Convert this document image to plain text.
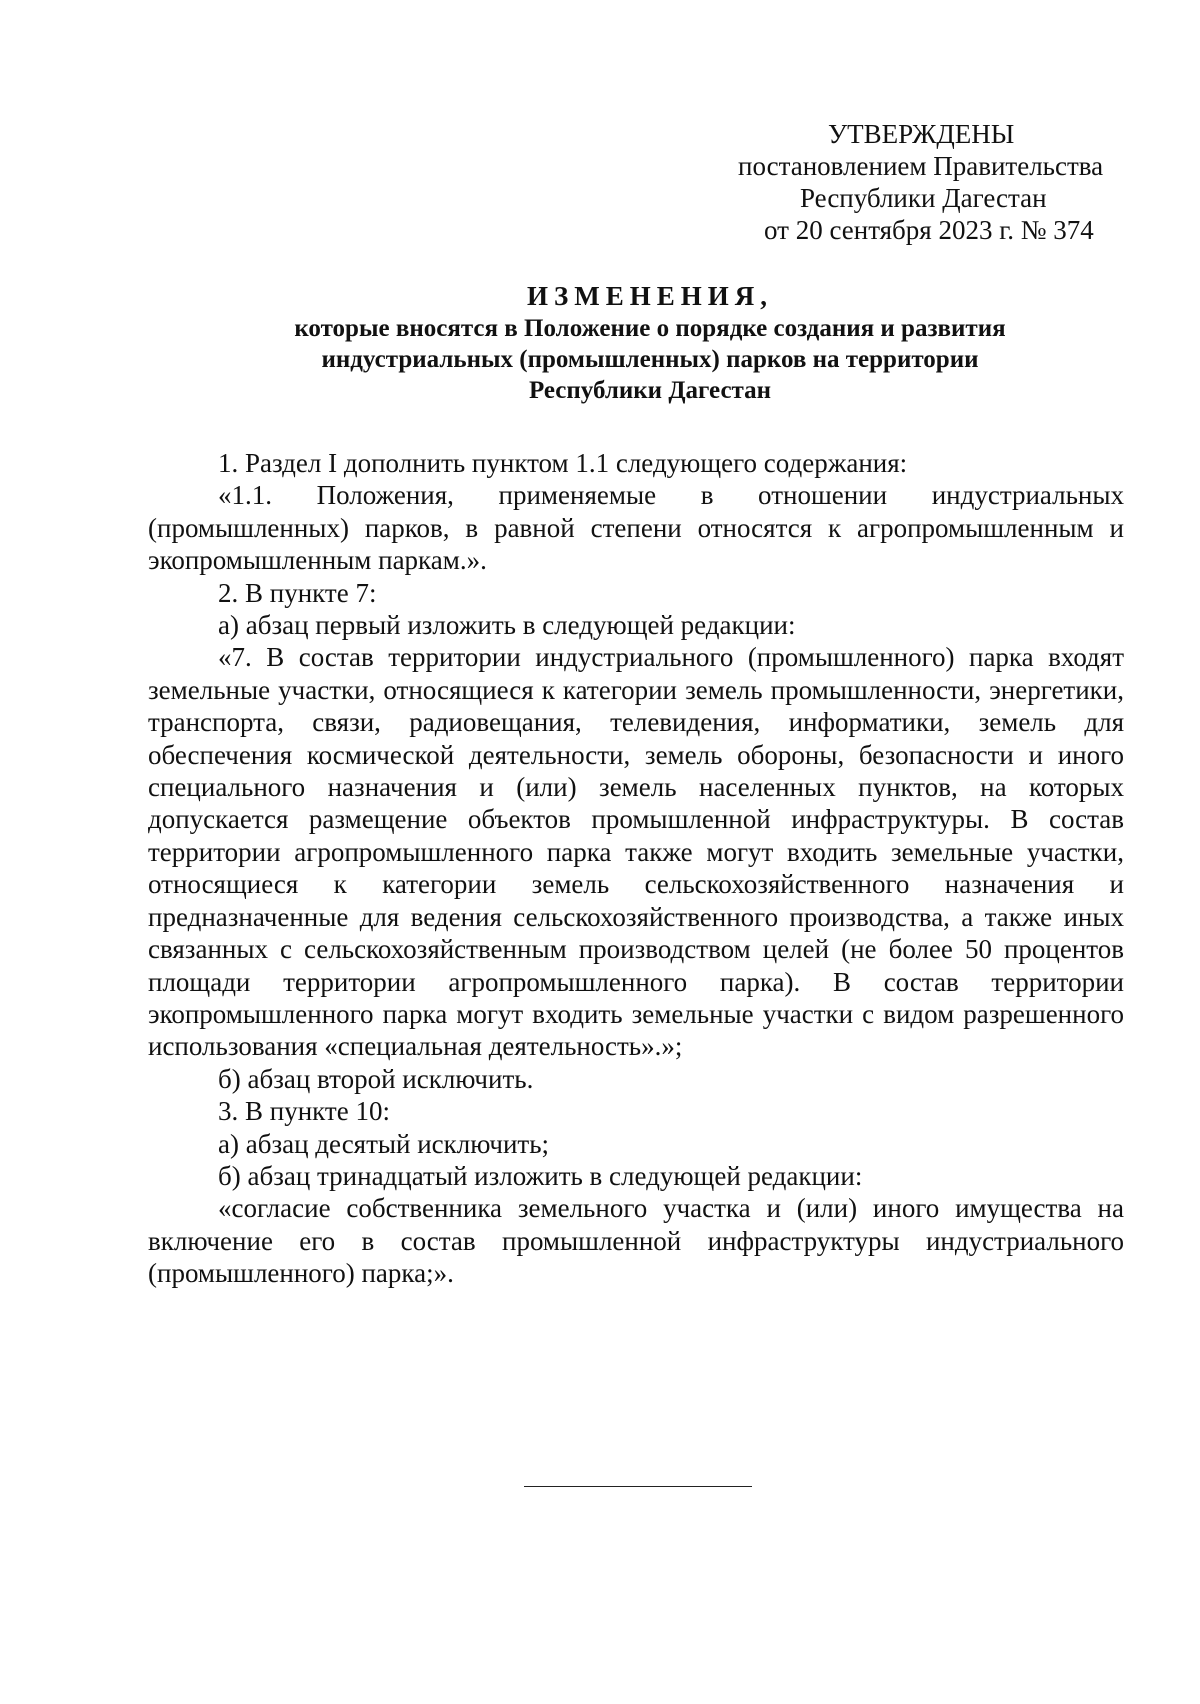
УТВЕРЖДЕНЫ
постановлением Правительства
Республики Дагестан
от 20 сентября 2023 г. № 374
ИЗМЕНЕНИЯ,
которые вносятся в Положение о порядке создания и развития
индустриальных (промышленных) парков на территории
Республики Дагестан

1. Раздел I дополнить пунктом 1.1 следующего содержания:

«1.1. Положения, применяемые в отношении индустриальных (промышленных) парков, в равной степени относятся к агропромышленным и экопромышленным паркам.».

2. В пункте 7:

а) абзац первый изложить в следующей редакции:

«7. В состав территории индустриального (промышленного) парка входят земельные участки, относящиеся к категории земель промышленности, энергетики, транспорта, связи, радиовещания, телевидения, информатики, земель для обеспечения космической деятельности, земель обороны, безопасности и иного специального назначения и (или) земель населенных пунктов, на которых допускается размещение объектов промышленной инфраструктуры. В состав территории агропромышленного парка также могут входить земельные участки, относящиеся к категории земель сельскохозяйственного назначения и предназначенные для ведения сельскохозяйственного производства, а также иных связанных с сельскохозяйственным производством целей (не более 50 процентов площади территории агропромышленного парка). В состав территории экопромышленного парка могут входить земельные участки с видом разрешенного использования «специальная деятельность».»;

б) абзац второй исключить.

3. В пункте 10:

а) абзац десятый исключить;

б) абзац тринадцатый изложить в следующей редакции:

«согласие собственника земельного участка и (или) иного имущества на включение его в состав промышленной инфраструктуры индустриального (промышленного) парка;».
